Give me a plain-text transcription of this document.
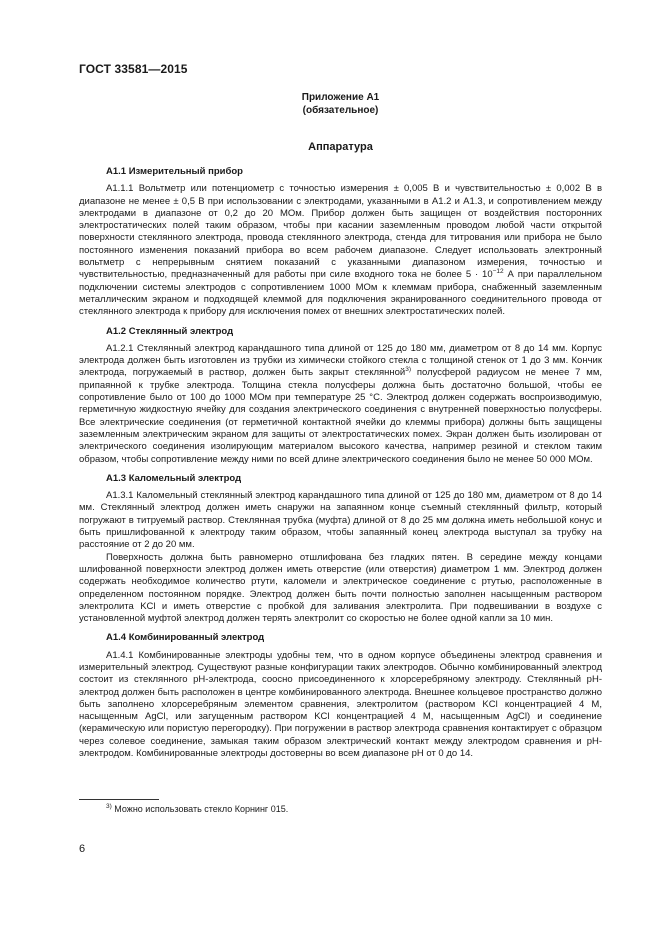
ГОСТ 33581—2015
Приложение А1
(обязательное)
Аппаратура
А1.1 Измерительный прибор

А1.1.1 Вольтметр или потенциометр с точностью измерения ± 0,005 В и чувствительностью ± 0,002 В в диапазоне не менее ± 0,5 В при использовании с электродами, указанными в А1.2 и А1.3, и сопротивлением между электродами в диапазоне от 0,2 до 20 МОм. Прибор должен быть защищен от воздействия посторонних электростатических полей таким образом, чтобы при касании заземленным проводом любой части открытой поверхности стеклянного электрода, провода стеклянного электрода, стенда для титрования или прибора не было постоянного изменения показаний прибора во всем рабочем диапазоне. Следует использовать электронный вольтметр с непрерывным снятием показаний с указанными диапазоном измерения, точностью и чувствительностью, предназначенный для работы при силе входного тока не более $5 \cdot 10^{-12}$ А при параллельном подключении системы электродов с сопротивлением 1000 МОм к клеммам прибора, снабженный заземленным металлическим экраном и подходящей клеммой для подключения экранированного соединительного провода от стеклянного электрода к прибору для исключения помех от внешних электростатических полей.

А1.2 Стеклянный электрод

А1.2.1 Стеклянный электрод карандашного типа длиной от 125 до 180 мм, диаметром от 8 до 14 мм. Корпус электрода должен быть изготовлен из трубки из химически стойкого стекла с толщиной стенок от 1 до 3 мм. Кончик электрода, погружаемый в раствор, должен быть закрыт стеклянной$^{3)}$ полусферой радиусом не менее 7 мм, припаянной к трубке электрода. Толщина стекла полусферы должна быть достаточно большой, чтобы ее сопротивление было от 100 до 1000 МОм при температуре 25 °С. Электрод должен содержать воспроизводимую, герметичную жидкостную ячейку для создания электрического соединения с внутренней поверхностью полусферы. Все электрические соединения (от герметичной контактной ячейки до клеммы прибора) должны быть защищены заземленным электрическим экраном для защиты от электростатических помех. Экран должен быть изолирован от электрического соединения изолирующим материалом высокого качества, например резиной и стеклом таким образом, чтобы сопротивление между ними по всей длине электрического соединения было не менее 50 000 МОм.

А1.3 Каломельный электрод

А1.3.1 Каломельный стеклянный электрод карандашного типа длиной от 125 до 180 мм, диаметром от 8 до 14 мм. Стеклянный электрод должен иметь снаружи на запаянном конце съемный стеклянный фильтр, который погружают в титруемый раствор. Стеклянная трубка (муфта) длиной от 8 до 25 мм должна иметь небольшой конус и быть пришлифованной к электроду таким образом, чтобы запаянный конец электрода выступал за трубку на расстояние от 2 до 20 мм.

Поверхность должна быть равномерно отшлифована без гладких пятен. В середине между концами шлифованной поверхности электрод должен иметь отверстие (или отверстия) диаметром 1 мм. Электрод должен содержать необходимое количество ртути, каломели и электрическое соединение с ртутью, расположенные в определенном постоянном порядке. Электрод должен быть почти полностью заполнен насыщенным раствором электролита KCl и иметь отверстие с пробкой для заливания электролита. При подвешивании в воздухе с установленной муфтой электрод должен терять электролит со скоростью не более одной капли за 10 мин.

А1.4 Комбинированный электрод

А1.4.1 Комбинированные электроды удобны тем, что в одном корпусе объединены электрод сравнения и измерительный электрод. Существуют разные конфигурации таких электродов. Обычно комбинированный электрод состоит из стеклянного рН-электрода, соосно присоединенного к хлорсеребряному электроду. Стеклянный рН-электрод должен быть расположен в центре комбинированного электрода. Внешнее кольцевое пространство должно быть заполнено хлорсеребряным элементом сравнения, электролитом (раствором KCl концентрацией 4 М, насыщенным AgCl, или загущенным раствором KCl концентрацией 4 М, насыщенным AgCl) и соединение (керамическую или пористую перегородку). При погружении в раствор электрода сравнения контактирует с образцом через солевое соединение, замыкая таким образом электрический контакт между электродом сравнения и рН-электродом. Комбинированные электроды достоверны во всем диапазоне рН от 0 до 14.

$^{3)}$ Можно использовать стекло Корнинг 015.
6
